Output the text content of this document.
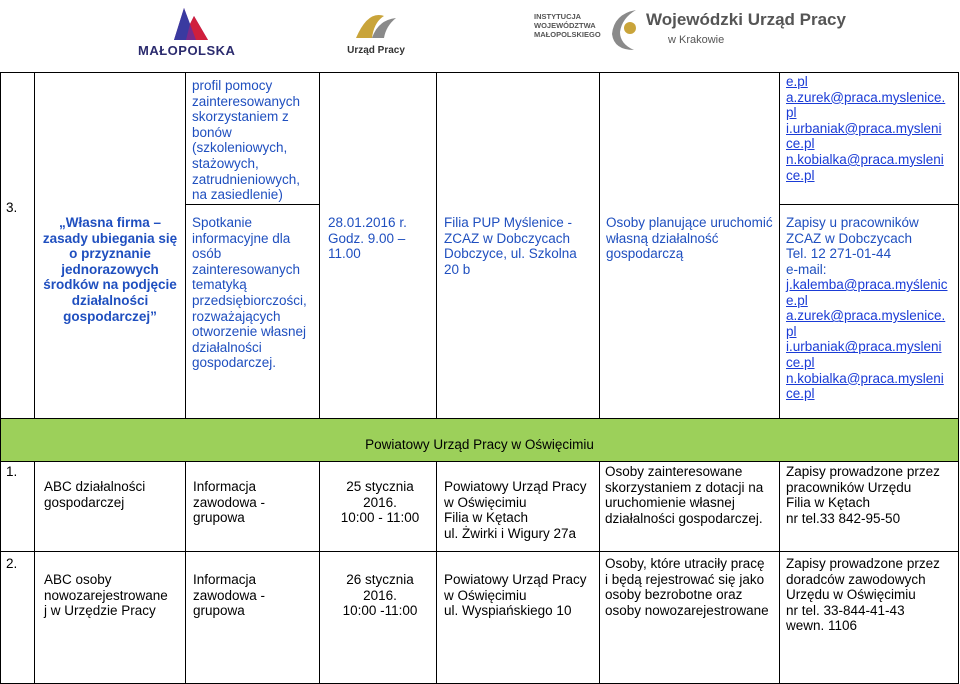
MAŁOPOLSKA	Urząd Pracy
INSTYTUCJA
WOJEWÓDZTWA
MAŁOPOLSKIEGO
Wojewódzki Urząd Pracy
w Krakowie
3.
„Własna firma – zasady ubiegania się o przyznanie jednorazowych środków na podjęcie działalności gospodarczej”
profil pomocy
zainteresowanych
skorzystaniem z
bonów
(szkoleniowych,
stażowych,
zatrudnieniowych,
na zasiedlenie)
Spotkanie
informacyjne dla
osób
zainteresowanych
tematyką
przedsiębiorczości,
rozważających
otworzenie własnej
działalności
gospodarczej.
28.01.2016 r.
Godz. 9.00 –
11.00
Filia PUP Myślenice -
ZCAZ w Dobczycach
Dobczyce, ul. Szkolna
20 b
Osoby planujące uruchomić
własną działalność
gospodarczą
e.pl
a.zurek@praca.myslenice.
pl
i.urbaniak@praca.mysleni
ce.pl
n.kobialka@praca.mysleni
ce.pl
Zapisy u pracowników
ZCAZ w Dobczycach
Tel. 12 271-01-44
e-mail:
j.kalemba@praca.myślenic
e.pl
a.zurek@praca.myslenice.
pl
i.urbaniak@praca.mysleni
ce.pl
n.kobialka@praca.mysleni
ce.pl
Powiatowy Urząd Pracy w Oświęcimiu
1.
ABC działalności
gospodarczej
Informacja
zawodowa -
grupowa
25 stycznia
2016.
10:00 - 11:00
Powiatowy Urząd Pracy
w Oświęcimiu
Filia w Kętach
ul. Żwirki i Wigury 27a
Osoby zainteresowane
skorzystaniem z dotacji na
uruchomienie własnej
działalności gospodarczej.
Zapisy prowadzone przez
pracowników Urzędu
Filia w Kętach
nr tel.33 842-95-50
2.
ABC osoby
nowozarejestrowane
j w Urzędzie Pracy
Informacja
zawodowa -
grupowa
26 stycznia
2016.
10:00 -11:00
Powiatowy Urząd Pracy
w Oświęcimiu
ul. Wyspiańskiego 10
Osoby, które utraciły pracę
i będą rejestrować się jako
osoby bezrobotne oraz
osoby nowozarejestrowane
Zapisy prowadzone przez
doradców zawodowych
Urzędu w Oświęcimiu
nr tel. 33-844-41-43
wewn. 1106
